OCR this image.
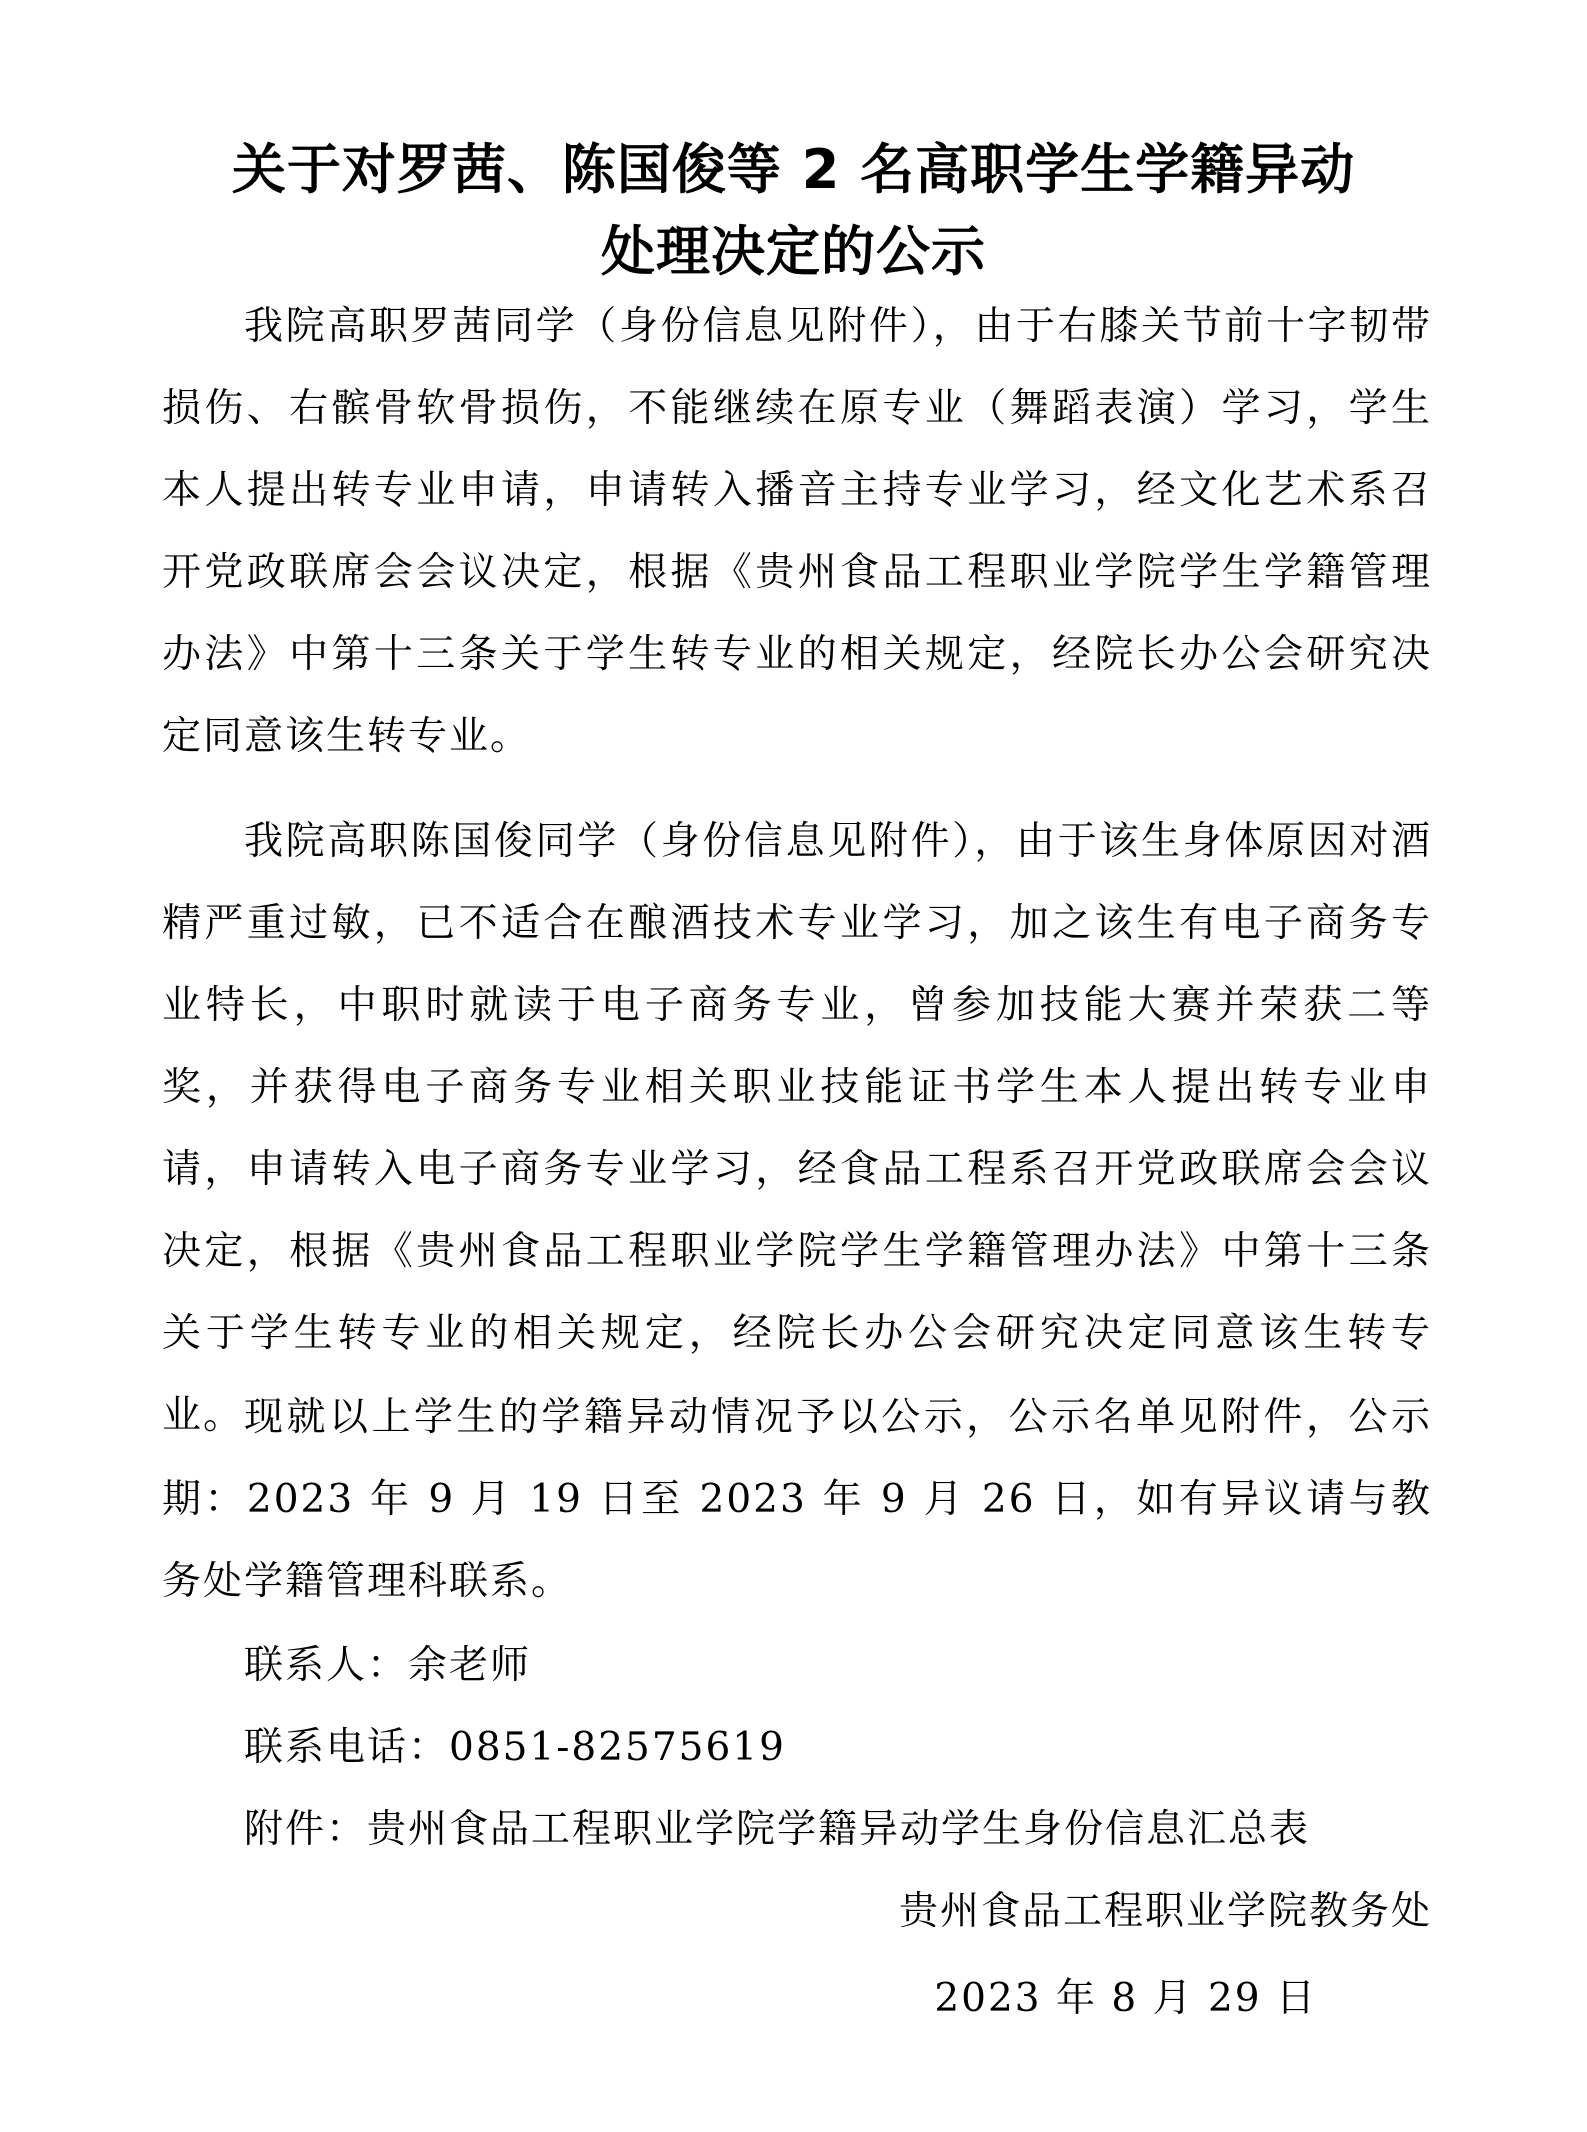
关于对罗茜、陈国俊等 2 名高职学生学籍异动
处理决定的公示

我院高职罗茜同学（身份信息见附件），由于右膝关节前十字韧带损伤、右髌骨软骨损伤，不能继续在原专业（舞蹈表演）学习，学生本人提出转专业申请，申请转入播音主持专业学习，经文化艺术系召开党政联席会会议决定，根据《贵州食品工程职业学院学生学籍管理办法》中第十三条关于学生转专业的相关规定，经院长办公会研究决定同意该生转专业。

我院高职陈国俊同学（身份信息见附件），由于该生身体原因对酒精严重过敏，已不适合在酿酒技术专业学习，加之该生有电子商务专业特长，中职时就读于电子商务专业，曾参加技能大赛并荣获二等奖，并获得电子商务专业相关职业技能证书学生本人提出转专业申请，申请转入电子商务专业学习，经食品工程系召开党政联席会会议决定，根据《贵州食品工程职业学院学生学籍管理办法》中第十三条关于学生转专业的相关规定，经院长办公会研究决定同意该生转专业。 现就以上学生的学籍异动情况予以公示，公示名单见附件，公示期：2023 年 9 月 19 日至 2023 年 9 月 26 日，如有异议请与教务处学籍管理科联系。

联系人：余老师

联系电话：0851-82575619

附件：贵州食品工程职业学院学籍异动学生身份信息汇总表

贵州食品工程职业学院教务处

2023 年 8 月 29 日
